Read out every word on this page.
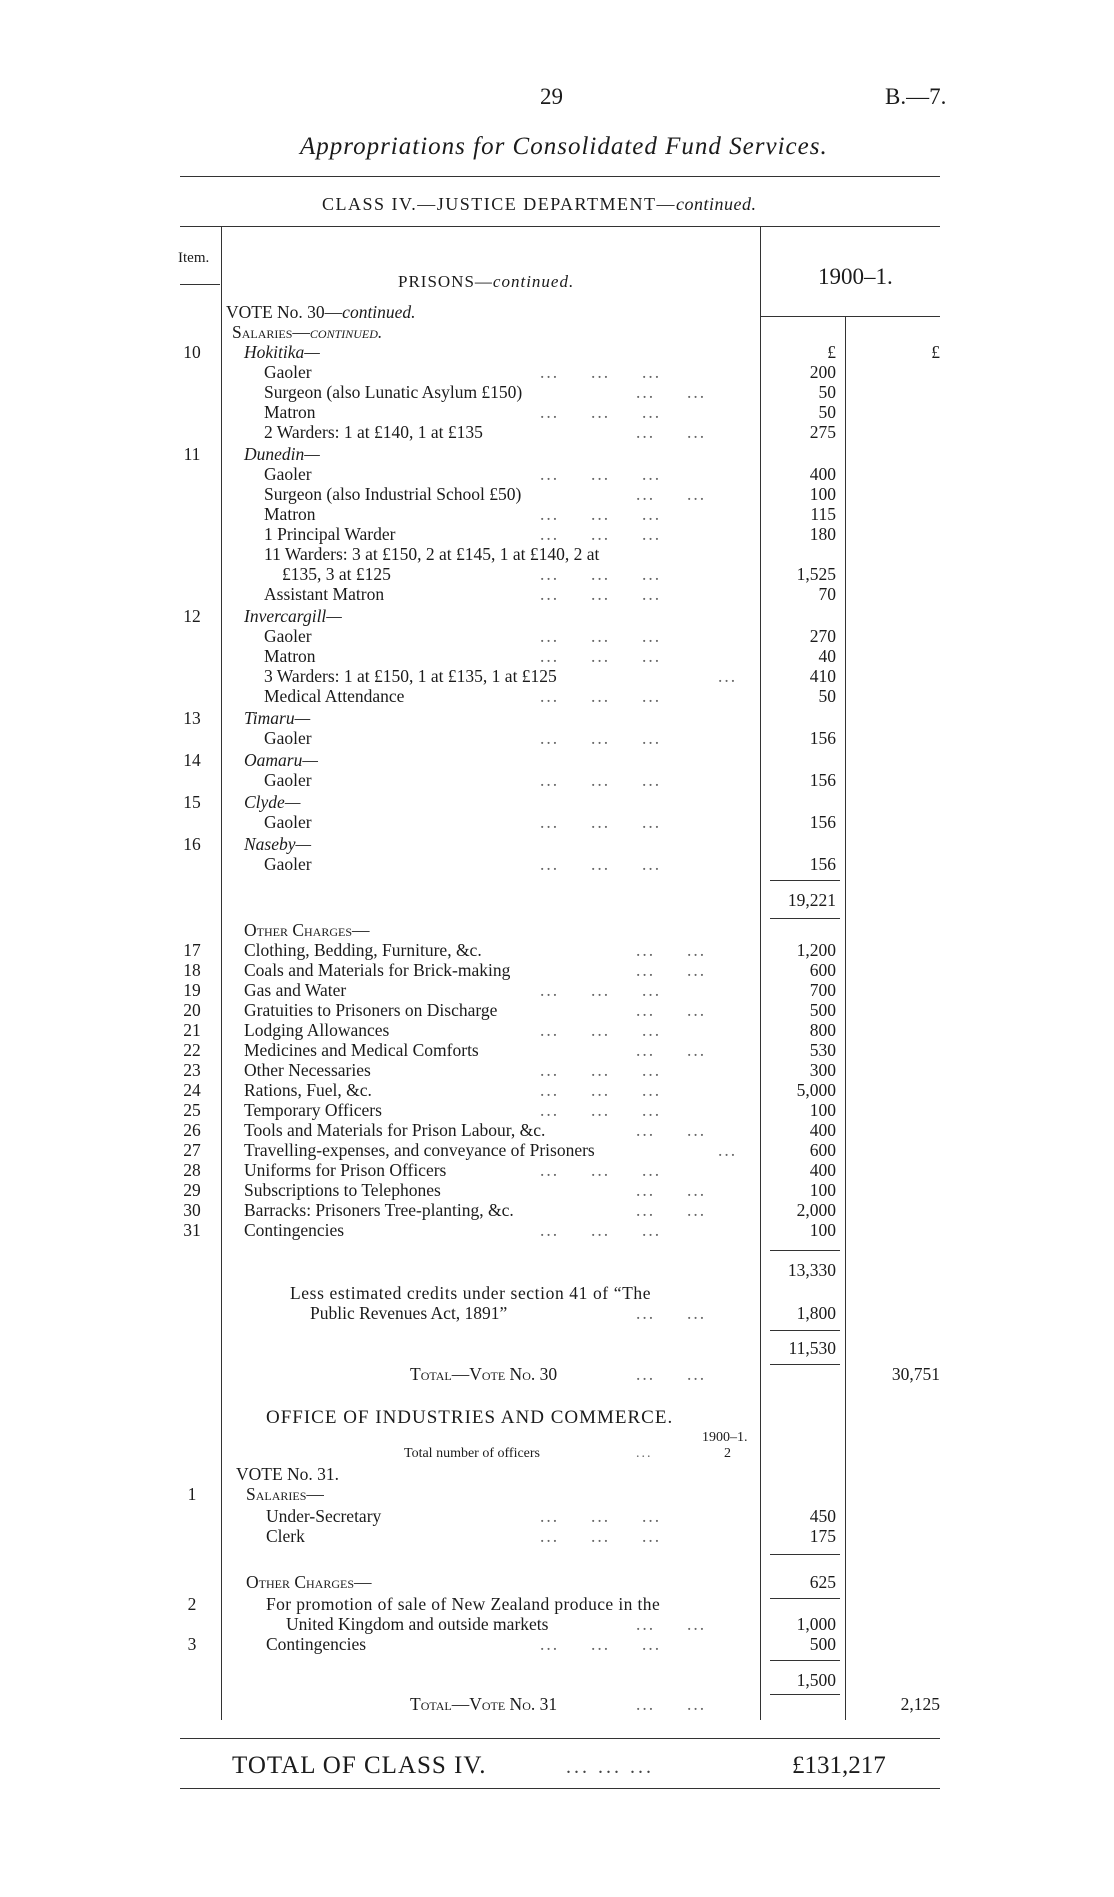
29	B.—7.
Appropriations for Consolidated Fund Services.
CLASS IV.—JUSTICE DEPARTMENT—continued.
Item.
PRISONS—continued.	1900–1.
VOTE No. 30—continued.
Salaries—continued.
10	Hokitika—	£	£
Gaoler	...     ...     ...	200
Surgeon (also Lunatic Asylum £150)	...     ...	50
Matron	...     ...     ...	50
2 Warders: 1 at £140, 1 at £135	...     ...	275
11	Dunedin—
Gaoler	...     ...     ...	400
Surgeon (also Industrial School £50)	...     ...	100
Matron	...     ...     ...	115
1 Principal Warder	...     ...     ...	180
11 Warders: 3 at £150, 2 at £145, 1 at £140, 2 at
£135, 3 at £125	...     ...     ...	1,525
Assistant Matron	...     ...     ...	70
12	Invercargill—
Gaoler	...     ...     ...	270
Matron	...     ...     ...	40
3 Warders: 1 at £150, 1 at £135, 1 at £125	...	410
Medical Attendance	...     ...     ...	50
13	Timaru—
Gaoler	...     ...     ...	156
14	Oamaru—
Gaoler	...     ...     ...	156
15	Clyde—
Gaoler	...     ...     ...	156
16	Naseby—
Gaoler	...     ...     ...	156
19,221
Other Charges—
17	Clothing, Bedding, Furniture, &c.	...     ...	1,200
18	Coals and Materials for Brick-making	...     ...	600
19	Gas and Water	...     ...     ...	700
20	Gratuities to Prisoners on Discharge	...     ...	500
21	Lodging Allowances	...     ...     ...	800
22	Medicines and Medical Comforts	...     ...	530
23	Other Necessaries	...     ...     ...	300
24	Rations, Fuel, &c.	...     ...     ...	5,000
25	Temporary Officers	...     ...     ...	100
26	Tools and Materials for Prison Labour, &c.	...     ...	400
27	Travelling-expenses, and conveyance of Prisoners	...	600
28	Uniforms for Prison Officers	...     ...     ...	400
29	Subscriptions to Telephones	...     ...	100
30	Barracks: Prisoners Tree-planting, &c.	...     ...	2,000
31	Contingencies	...     ...     ...	100
13,330
Less estimated credits under section 41 of “The
Public Revenues Act, 1891”	...     ...	1,800
11,530
Total—Vote No. 30	...     ...	30,751
OFFICE OF INDUSTRIES AND COMMERCE.
1900–1.
Total number of officers	...	2
VOTE No. 31.
1	Salaries—
Under-Secretary	...     ...     ...	450
Clerk	...     ...     ...	175
Other Charges—	625
2	For promotion of sale of New Zealand produce in the
United Kingdom and outside markets	...     ...	1,000
3	Contingencies	...     ...     ...	500
1,500
Total—Vote No. 31	...     ...	2,125
TOTAL OF CLASS IV.	... ... ...	£131,217
